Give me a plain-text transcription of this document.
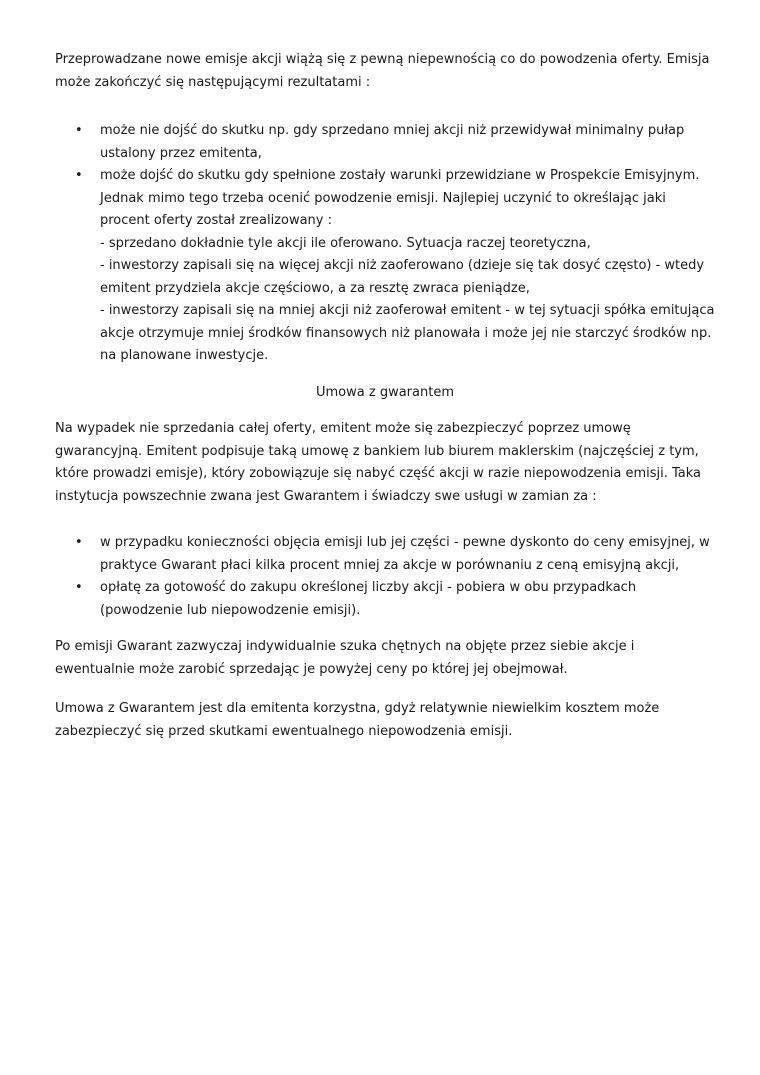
Przeprowadzane nowe emisje akcji wiążą się z pewną niepewnością co do powodzenia oferty. Emisja
może zakończyć się następującymi rezultatami :

• może nie dojść do skutku np. gdy sprzedano mniej akcji niż przewidywał minimalny pułap
ustalony przez emitenta,
• może dojść do skutku gdy spełnione zostały warunki przewidziane w Prospekcie Emisyjnym.
Jednak mimo tego trzeba ocenić powodzenie emisji. Najlepiej uczynić to określając jaki
procent oferty został zrealizowany :
- sprzedano dokładnie tyle akcji ile oferowano. Sytuacja raczej teoretyczna,
- inwestorzy zapisali się na więcej akcji niż zaoferowano (dzieje się tak dosyć często) - wtedy
emitent przydziela akcje częściowo, a za resztę zwraca pieniądze,
- inwestorzy zapisali się na mniej akcji niż zaoferował emitent - w tej sytuacji spółka emitująca
akcje otrzymuje mniej środków finansowych niż planowała i może jej nie starczyć środków np.
na planowane inwestycje.
Umowa z gwarantem

Na wypadek nie sprzedania całej oferty, emitent może się zabezpieczyć poprzez umowę
gwarancyjną. Emitent podpisuje taką umowę z bankiem lub biurem maklerskim (najczęściej z tym,
które prowadzi emisje), który zobowiązuje się nabyć część akcji w razie niepowodzenia emisji. Taka
instytucja powszechnie zwana jest Gwarantem i świadczy swe usługi w zamian za :

• w przypadku konieczności objęcia emisji lub jej części - pewne dyskonto do ceny emisyjnej, w
praktyce Gwarant płaci kilka procent mniej za akcje w porównaniu z ceną emisyjną akcji,
• opłatę za gotowość do zakupu określonej liczby akcji - pobiera w obu przypadkach
(powodzenie lub niepowodzenie emisji).

Po emisji Gwarant zazwyczaj indywidualnie szuka chętnych na objęte przez siebie akcje i
ewentualnie może zarobić sprzedając je powyżej ceny po której jej obejmował.

Umowa z Gwarantem jest dla emitenta korzystna, gdyż relatywnie niewielkim kosztem może
zabezpieczyć się przed skutkami ewentualnego niepowodzenia emisji.
